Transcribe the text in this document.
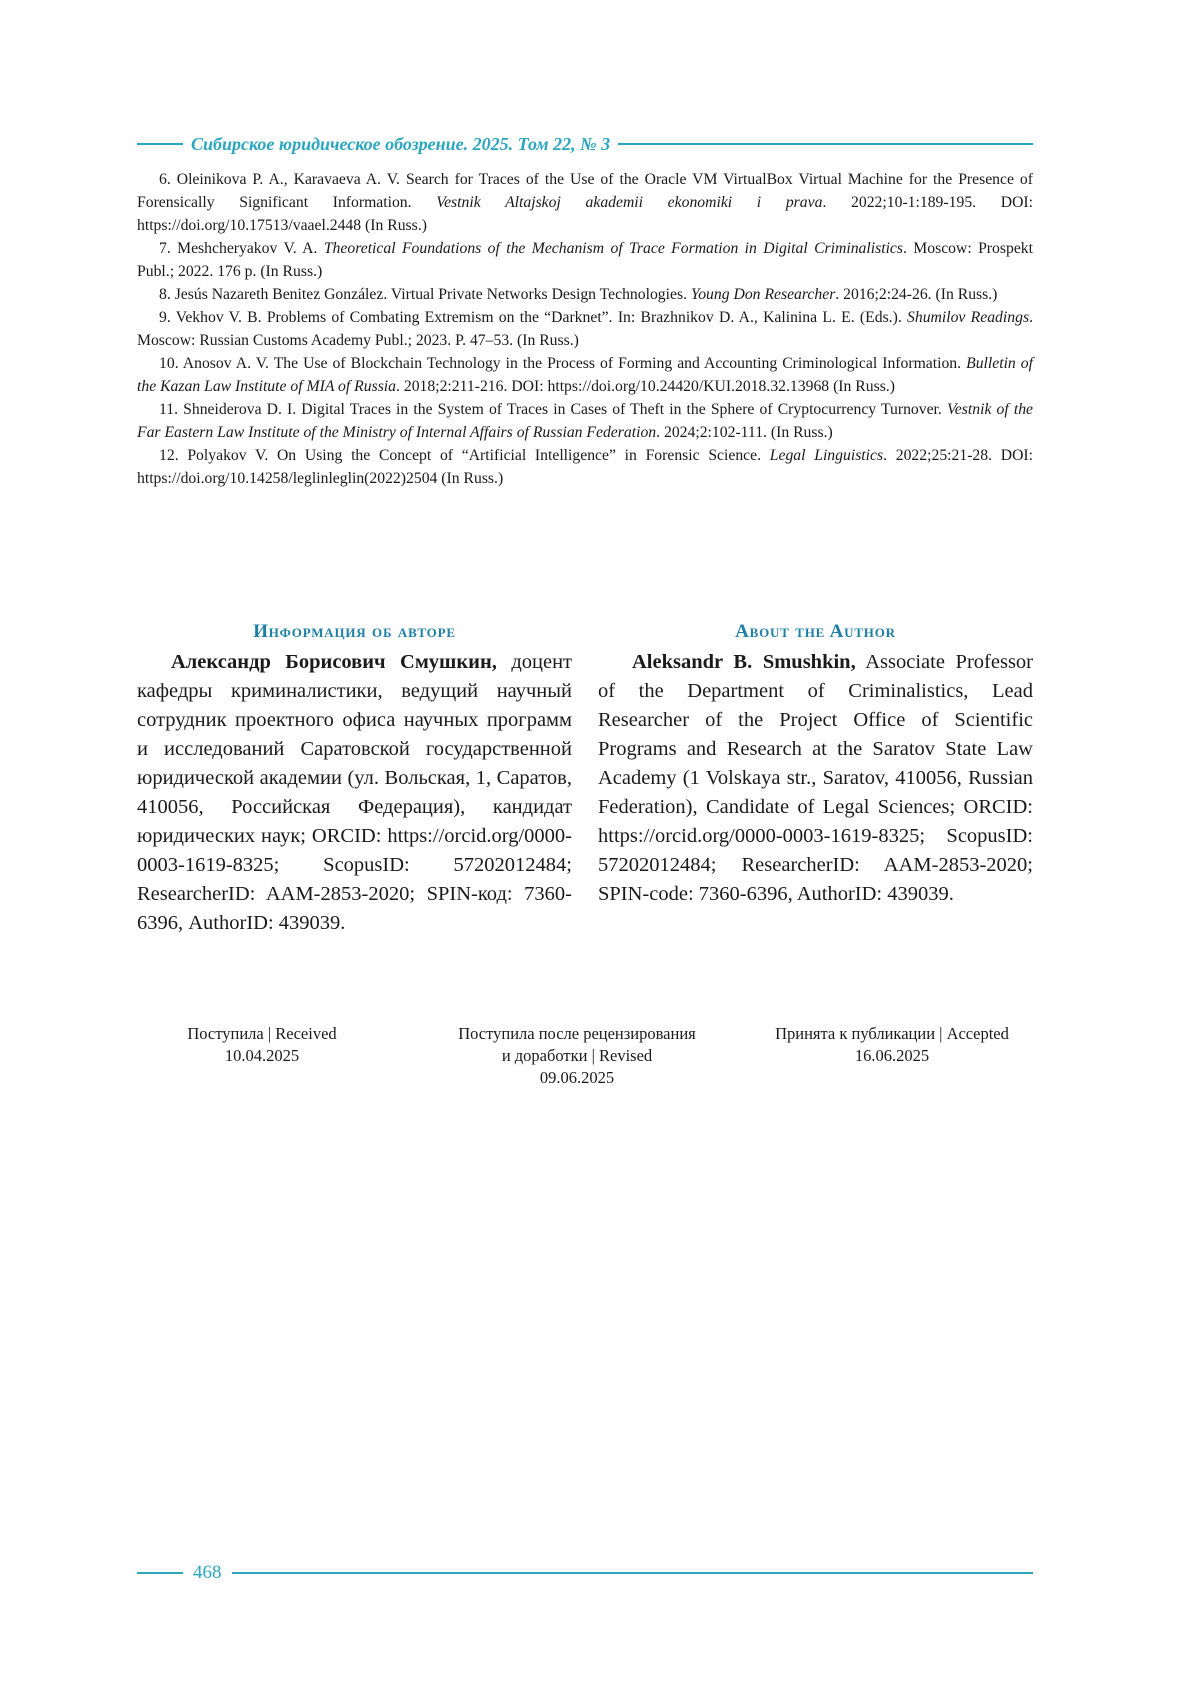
Сибирское юридическое обозрение. 2025. Том 22, № 3

6. Oleinikova P. A., Karavaeva A. V. Search for Traces of the Use of the Oracle VM VirtualBox Virtual Machine for the Presence of Forensically Significant Information. Vestnik Altajskoj akademii ekonomiki i prava. 2022;10-1:189-195. DOI: https://doi.org/10.17513/vaael.2448 (In Russ.)

7. Meshcheryakov V. A. Theoretical Foundations of the Mechanism of Trace Formation in Digital Criminalistics. Moscow: Prospekt Publ.; 2022. 176 p. (In Russ.)

8. Jesús Nazareth Benitez González. Virtual Private Networks Design Technologies. Young Don Researcher. 2016;2:24-26. (In Russ.)

9. Vekhov V. B. Problems of Combating Extremism on the “Darknet”. In: Brazhnikov D. A., Kalinina L. E. (Eds.). Shumilov Readings. Moscow: Russian Customs Academy Publ.; 2023. P. 47–53. (In Russ.)

10. Anosov A. V. The Use of Blockchain Technology in the Process of Forming and Accounting Criminological Information. Bulletin of the Kazan Law Institute of MIA of Russia. 2018;2:211-216. DOI: https://doi.org/10.24420/KUI.2018.32.13968 (In Russ.)

11. Shneiderova D. I. Digital Traces in the System of Traces in Cases of Theft in the Sphere of Cryptocurrency Turnover. Vestnik of the Far Eastern Law Institute of the Ministry of Internal Affairs of Russian Federation. 2024;2:102-111. (In Russ.)

12. Polyakov V. On Using the Concept of “Artificial Intelligence” in Forensic Science. Legal Linguistics. 2022;25:21-28. DOI: https://doi.org/10.14258/leglinleglin(2022)2504 (In Russ.)

Информация об авторе

Александр Борисович Смушкин, доцент кафедры криминалистики, ведущий научный сотрудник проектного офиса научных программ и исследований Саратовской государственной юридической академии (ул. Вольская, 1, Саратов, 410056, Российская Федерация), кандидат юридических наук; ORCID: https://orcid.org/0000-0003-1619-8325; ScopusID: 57202012484; ResearcherID: AAM-2853-2020; SPIN-код: 7360-6396, AuthorID: 439039.

About the Author

Aleksandr B. Smushkin, Associate Professor of the Department of Criminalistics, Lead Researcher of the Project Office of Scientific Programs and Research at the Saratov State Law Academy (1 Volskaya str., Saratov, 410056, Russian Federation), Candidate of Legal Sciences; ORCID: https://orcid.org/0000-0003-1619-8325; ScopusID: 57202012484; ResearcherID: AAM-2853-2020; SPIN-code: 7360-6396, AuthorID: 439039.

Поступила | Received
10.04.2025
Поступила после рецензирования
и доработки | Revised
09.06.2025
Принята к публикации | Accepted
16.06.2025
468
